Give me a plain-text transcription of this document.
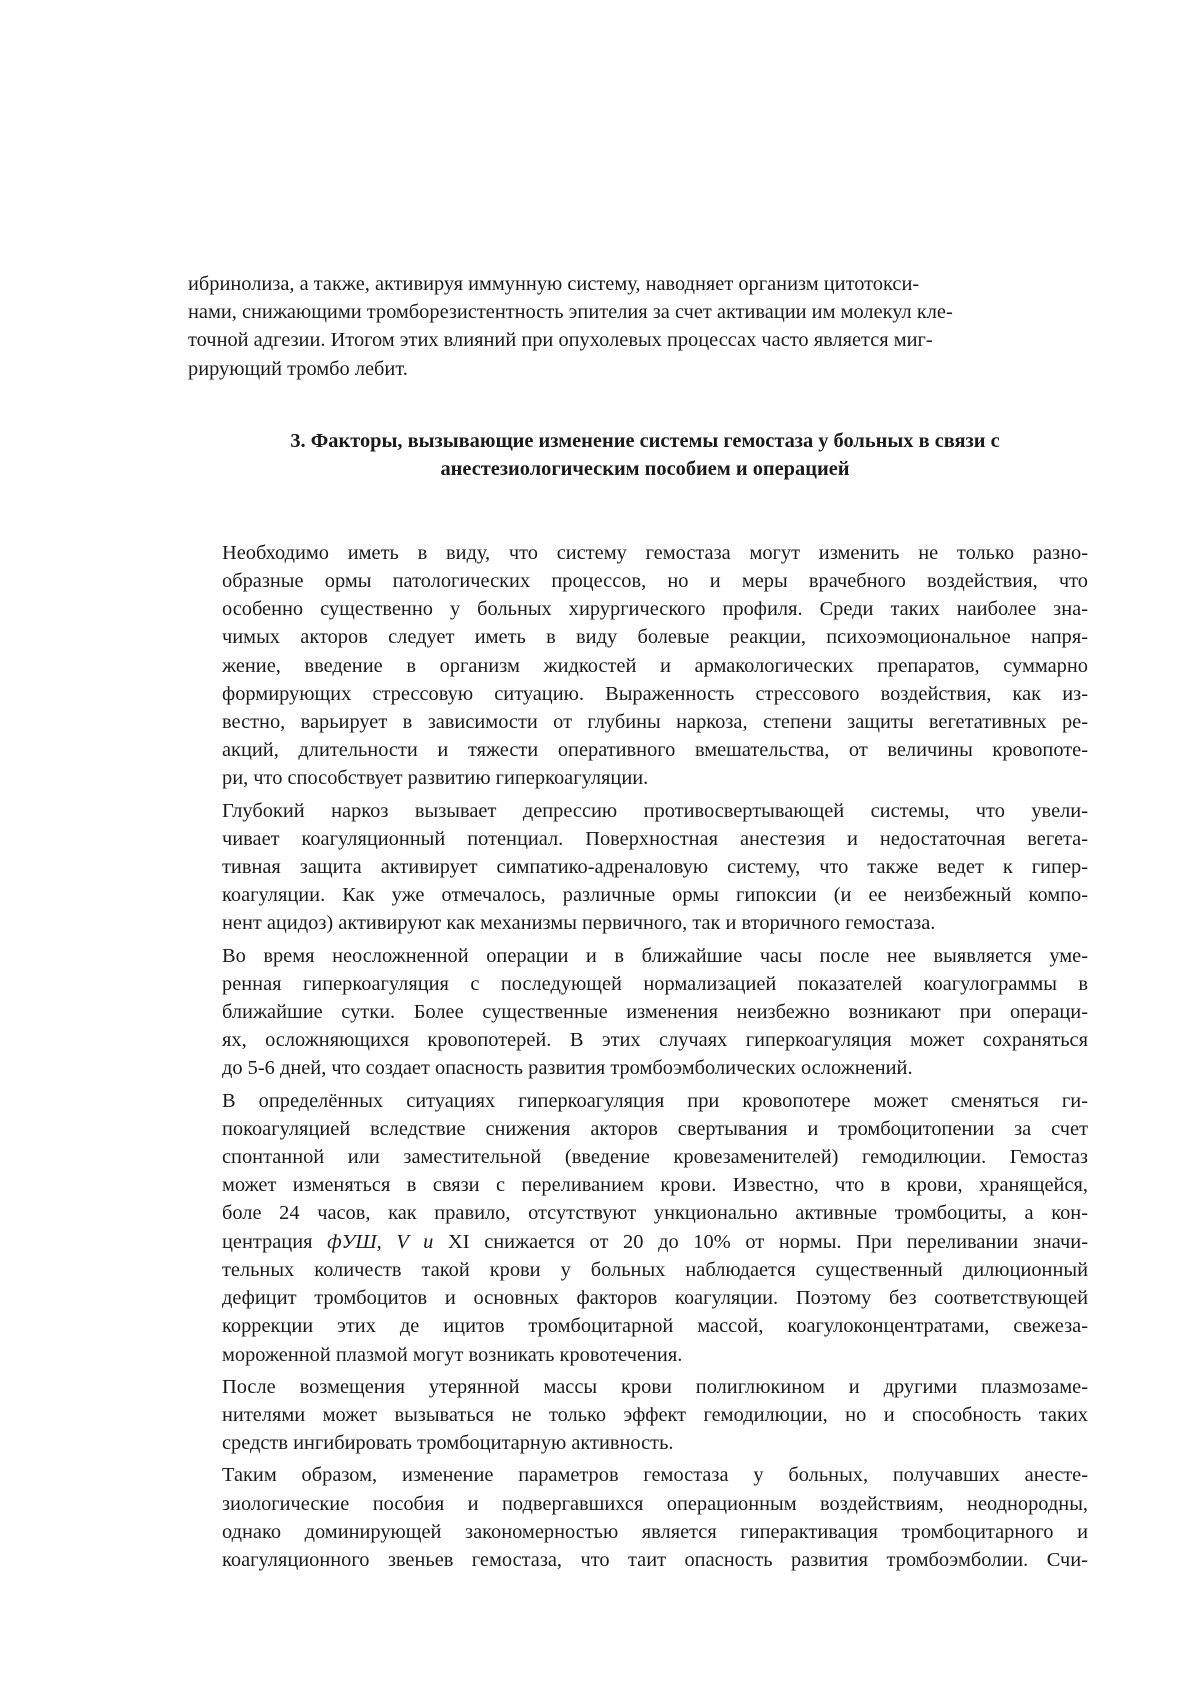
ибринолиза, а также, активируя иммунную систему, наводняет организм цитотокси-
нами, снижающими тромборезистентность эпителия за счет активации им молекул кле-
точной адгезии. Итогом этих влияний при опухолевых процессах часто является миг-
рирующий тромбо лебит.

3. Факторы, вызывающие изменение системы гемостаза у больных в связи с
анестезиологическим пособием и операцией

Необходимо иметь в виду, что систему гемостаза могут изменить не только разно-
образные ормы патологических процессов, но и меры врачебного воздействия, что
особенно существенно у больных хирургического профиля. Среди таких наиболее зна-
чимых акторов следует иметь в виду болевые реакции, психоэмоциональное напря-
жение, введение в организм жидкостей и армакологических препаратов, суммарно
формирующих стрессовую ситуацию. Выраженность стрессового воздействия, как из-
вестно, варьирует в зависимости от глубины наркоза, степени защиты вегетативных ре-
акций, длительности и тяжести оперативного вмешательства, от величины кровопоте-
ри, что способствует развитию гиперкоагуляции.

Глубокий наркоз вызывает депрессию противосвертывающей системы, что увели-
чивает коагуляционный потенциал. Поверхностная анестезия и недостаточная вегета-
тивная защита активирует симпатико-адреналовую систему, что также ведет к гипер-
коагуляции. Как уже отмечалось, различные ормы гипоксии (и ее неизбежный компо-
нент ацидоз) активируют как механизмы первичного, так и вторичного гемостаза.

Во время неосложненной операции и в ближайшие часы после нее выявляется уме-
ренная гиперкоагуляция с последующей нормализацией показателей коагулограммы в
ближайшие сутки. Более существенные изменения неизбежно возникают при операци-
ях, осложняющихся кровопотерей. В этих случаях гиперкоагуляция может сохраняться
до 5-6 дней, что создает опасность развития тромбоэмболических осложнений.

В определённых ситуациях гиперкоагуляция при кровопотере может сменяться ги-
покоагуляцией вследствие снижения акторов свертывания и тромбоцитопении за счет
спонтанной или заместительной (введение кровезаменителей) гемодилюции. Гемостаз
может изменяться в связи с переливанием крови. Известно, что в крови, хранящейся,
боле 24 часов, как правило, отсутствуют ункционально активные тромбоциты, а кон-
центрация фУШ, V и XI снижается от 20 до 10% от нормы. При переливании значи-
тельных количеств такой крови у больных наблюдается существенный дилюционный
дефицит тромбоцитов и основных факторов коагуляции. Поэтому без соответствующей
коррекции этих де ицитов тромбоцитарной массой, коагулоконцентратами, свежеза-
мороженной плазмой могут возникать кровотечения.

После возмещения утерянной массы крови полиглюкином и другими плазмозаме-
нителями может вызываться не только эффект гемодилюции, но и способность таких
средств ингибировать тромбоцитарную активность.

Таким образом, изменение параметров гемостаза у больных, получавших анесте-
зиологические пособия и подвергавшихся операционным воздействиям, неоднородны,
однако доминирующей закономерностью является гиперактивация тромбоцитарного и
коагуляционного звеньев гемостаза, что таит опасность развития тромбоэмболии. Счи-
